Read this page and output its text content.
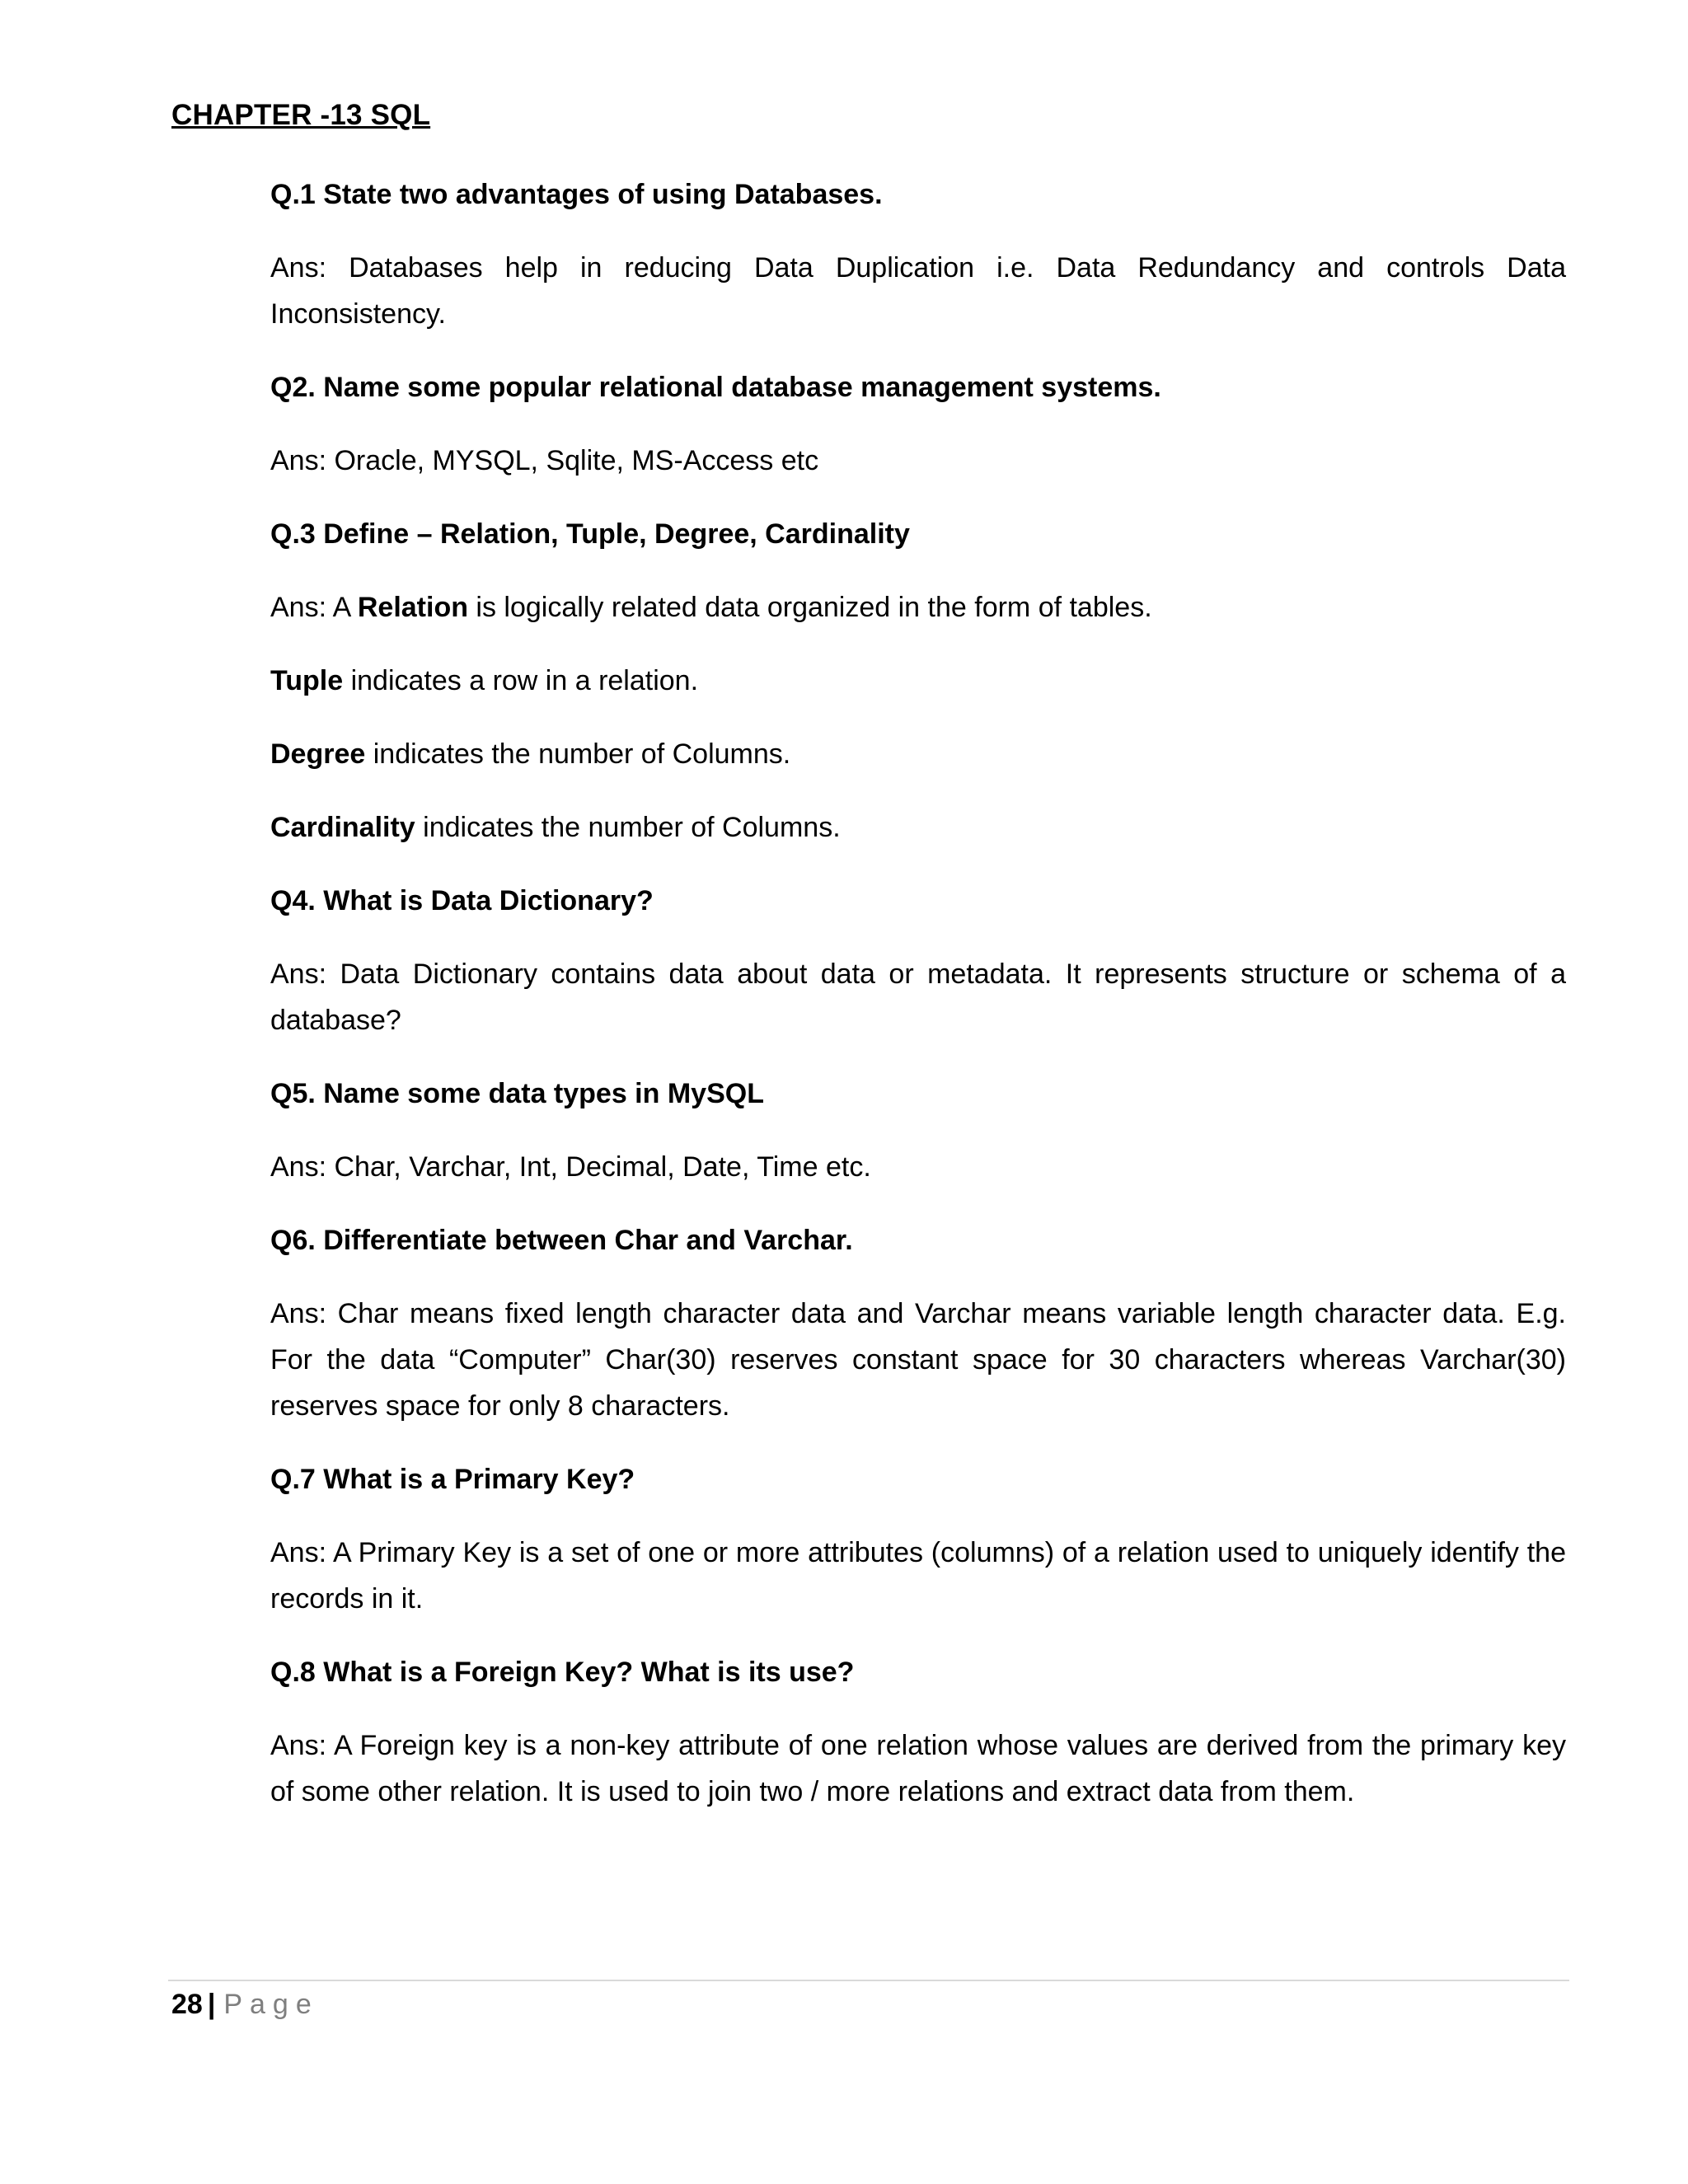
CHAPTER -13 SQL
Q.1 State two advantages of using Databases.
Ans: Databases help in reducing Data Duplication i.e. Data Redundancy and controls Data Inconsistency.
Q2. Name some popular relational database management systems.
Ans: Oracle, MYSQL, Sqlite, MS-Access etc
Q.3 Define – Relation, Tuple, Degree, Cardinality
Ans: A Relation is logically related data organized in the form of tables.
Tuple indicates a row in a relation.
Degree indicates the number of Columns.
Cardinality indicates the number of Columns.
Q4. What is Data Dictionary?
Ans: Data Dictionary contains data about data or metadata. It represents structure or schema of a database?
Q5. Name some data types in MySQL
Ans: Char, Varchar, Int, Decimal, Date, Time etc.
Q6. Differentiate between Char and Varchar.
Ans: Char means fixed length character data and Varchar means variable length character data. E.g. For the data “Computer” Char(30) reserves constant space for 30 characters whereas Varchar(30) reserves space for only 8 characters.
Q.7 What is a Primary Key?
Ans: A Primary Key is a set of one or more attributes (columns) of a relation used to uniquely identify the records in it.
Q.8 What is a Foreign Key? What is its use?
Ans: A Foreign key is a non-key attribute of one relation whose values are derived from the primary key of some other relation. It is used to join two / more relations and extract data from them.
28 | Page
